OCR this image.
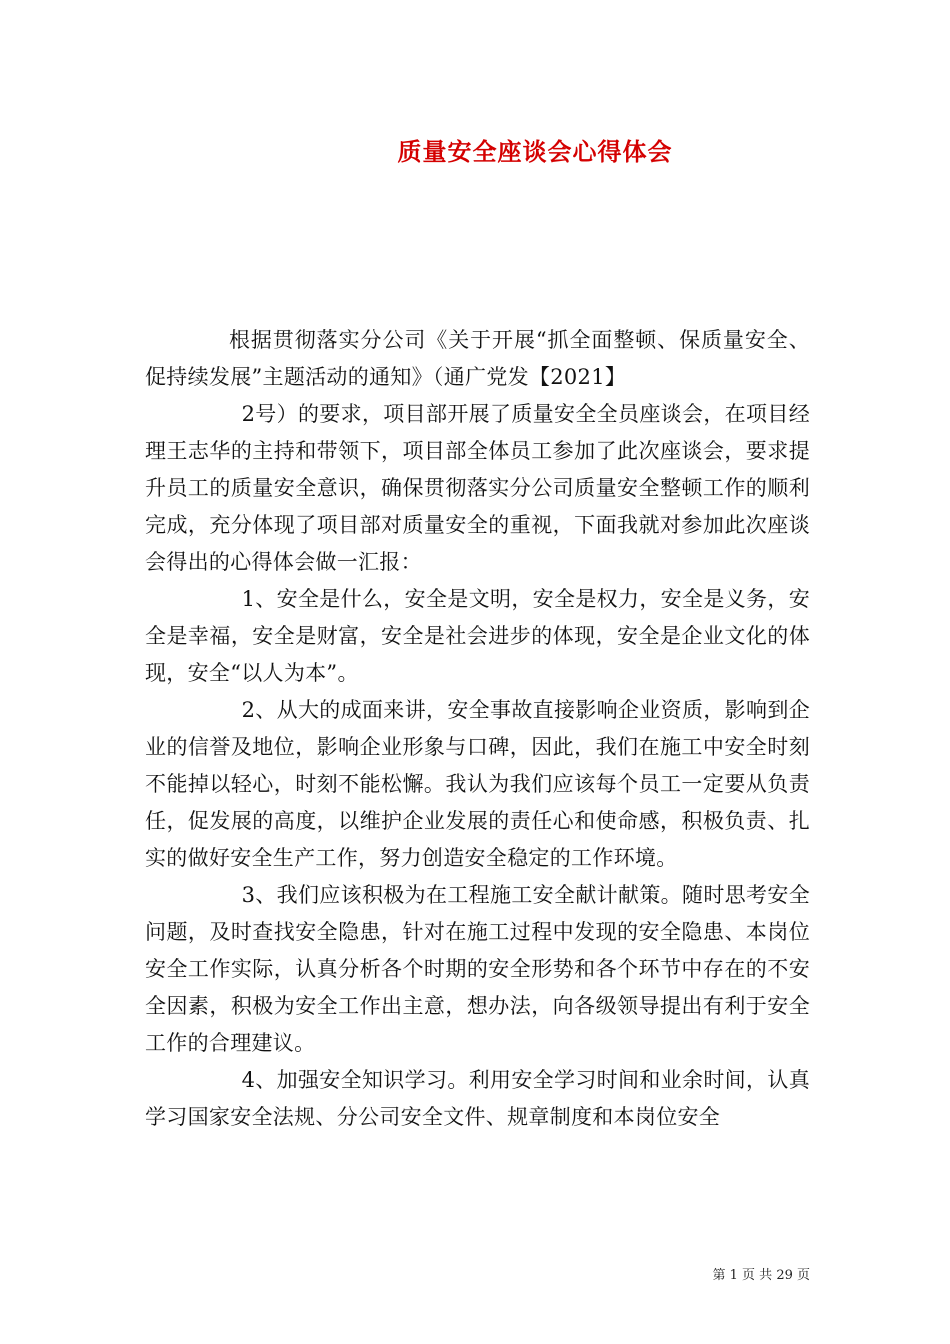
质量安全座谈会心得体会

根据贯彻落实分公司《关于开展“抓全面整顿、保质量安全、促持续发展”主题活动的通知》（通广党发【2021】

2号）的要求，项目部开展了质量安全全员座谈会，在项目经理王志华的主持和带领下，项目部全体员工参加了此次座谈会，要求提升员工的质量安全意识，确保贯彻落实分公司质量安全整顿工作的顺利完成，充分体现了项目部对质量安全的重视，下面我就对参加此次座谈会得出的心得体会做一汇报：

1、安全是什么，安全是文明，安全是权力，安全是义务，安全是幸福，安全是财富，安全是社会进步的体现，安全是企业文化的体现，安全“以人为本”。

2、从大的成面来讲，安全事故直接影响企业资质，影响到企业的信誉及地位，影响企业形象与口碑，因此，我们在施工中安全时刻不能掉以轻心，时刻不能松懈。我认为我们应该每个员工一定要从负责任，促发展的高度，以维护企业发展的责任心和使命感，积极负责、扎实的做好安全生产工作，努力创造安全稳定的工作环境。

3、我们应该积极为在工程施工安全献计献策。随时思考安全问题，及时查找安全隐患，针对在施工过程中发现的安全隐患、本岗位安全工作实际，认真分析各个时期的安全形势和各个环节中存在的不安全因素，积极为安全工作出主意，想办法，向各级领导提出有利于安全工作的合理建议。

4、加强安全知识学习。利用安全学习时间和业余时间，认真学习国家安全法规、分公司安全文件、规章制度和本岗位安全

第 1 页 共 29 页
